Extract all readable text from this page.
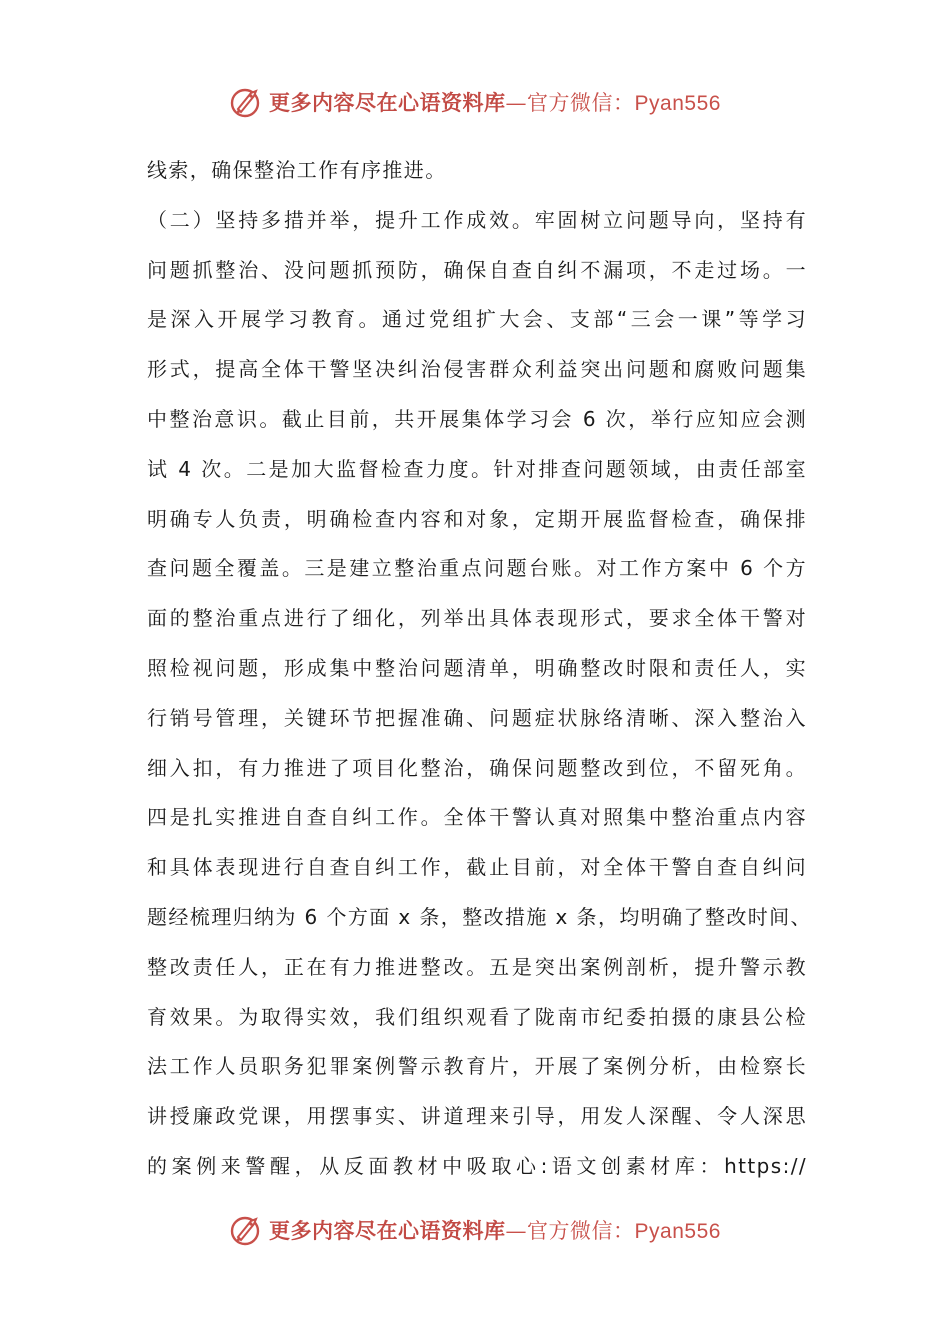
更多内容尽在心语资料库—官方微信：Pyan556
线索，确保整治工作有序推进。
（二）坚持多措并举，提升工作成效。牢固树立问题导向，坚持有
问题抓整治、没问题抓预防，确保自查自纠不漏项，不走过场。一
是深入开展学习教育。通过党组扩大会、支部“三会一课”等学习
形式，提高全体干警坚决纠治侵害群众利益突出问题和腐败问题集
中整治意识。截止目前，共开展集体学习会 6 次，举行应知应会测
试 4 次。二是加大监督检查力度。针对排查问题领域，由责任部室
明确专人负责，明确检查内容和对象，定期开展监督检查，确保排
查问题全覆盖。三是建立整治重点问题台账。对工作方案中 6 个方
面的整治重点进行了细化，列举出具体表现形式，要求全体干警对
照检视问题，形成集中整治问题清单，明确整改时限和责任人，实
行销号管理，关键环节把握准确、问题症状脉络清晰、深入整治入
细入扣，有力推进了项目化整治，确保问题整改到位，不留死角。
四是扎实推进自查自纠工作。全体干警认真对照集中整治重点内容
和具体表现进行自查自纠工作，截止目前，对全体干警自查自纠问
题经梳理归纳为 6 个方面 x 条，整改措施 x 条，均明确了整改时间、
整改责任人，正在有力推进整改。五是突出案例剖析，提升警示教
育效果。为取得实效，我们组织观看了陇南市纪委拍摄的康县公检
法工作人员职务犯罪案例警示教育片，开展了案例分析，由检察长
讲授廉政党课，用摆事实、讲道理来引导，用发人深醒、令人深思
的案例来警醒，从反面教材中吸取心:语文创素材库：https://
更多内容尽在心语资料库—官方微信：Pyan556
